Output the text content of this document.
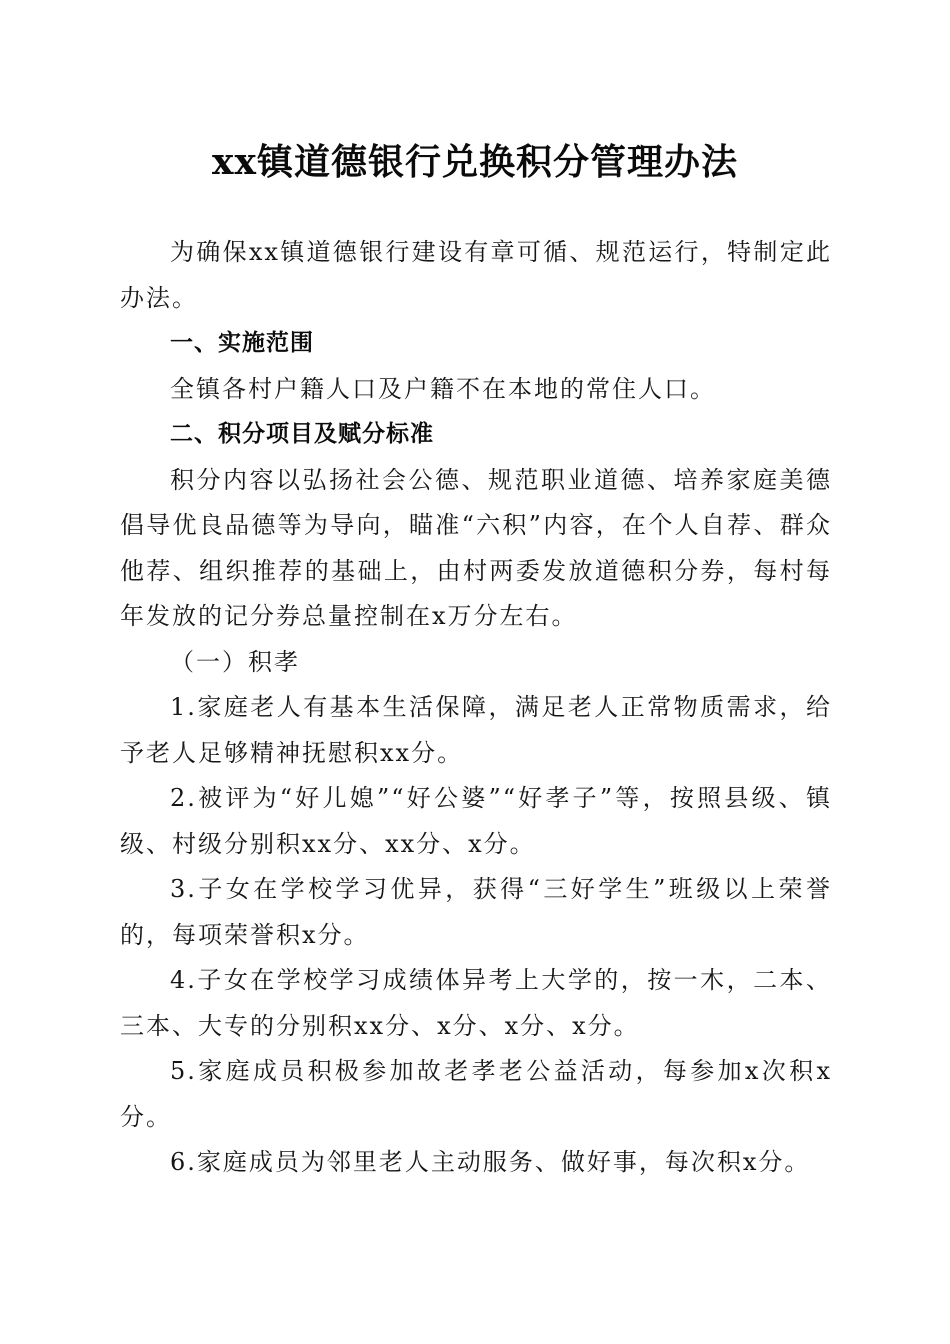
xx镇道德银行兑换积分管理办法

为确保xx镇道德银行建设有章可循、规范运行，特制定此办法。

一、实施范围

全镇各村户籍人口及户籍不在本地的常住人口。

二、积分项目及赋分标准

积分内容以弘扬社会公德、规范职业道德、培养家庭美德倡导优良品德等为导向，瞄准“六积”内容，在个人自荐、群众他荐、组织推荐的基础上，由村两委发放道德积分券，每村每年发放的记分券总量控制在x万分左右。

（一）积孝

1.家庭老人有基本生活保障，满足老人正常物质需求，给予老人足够精神抚慰积xx分。

2.被评为“好儿媳”“好公婆”“好孝子”等，按照县级、镇级、村级分别积xx分、xx分、x分。

3.子女在学校学习优异，获得“三好学生”班级以上荣誉的，每项荣誉积x分。

4.子女在学校学习成绩体异考上大学的，按一木，二本、三本、大专的分别积xx分、x分、x分、x分。

5.家庭成员积极参加故老孝老公益活动，每参加x次积x分。

6.家庭成员为邻里老人主动服务、做好事，每次积x分。
